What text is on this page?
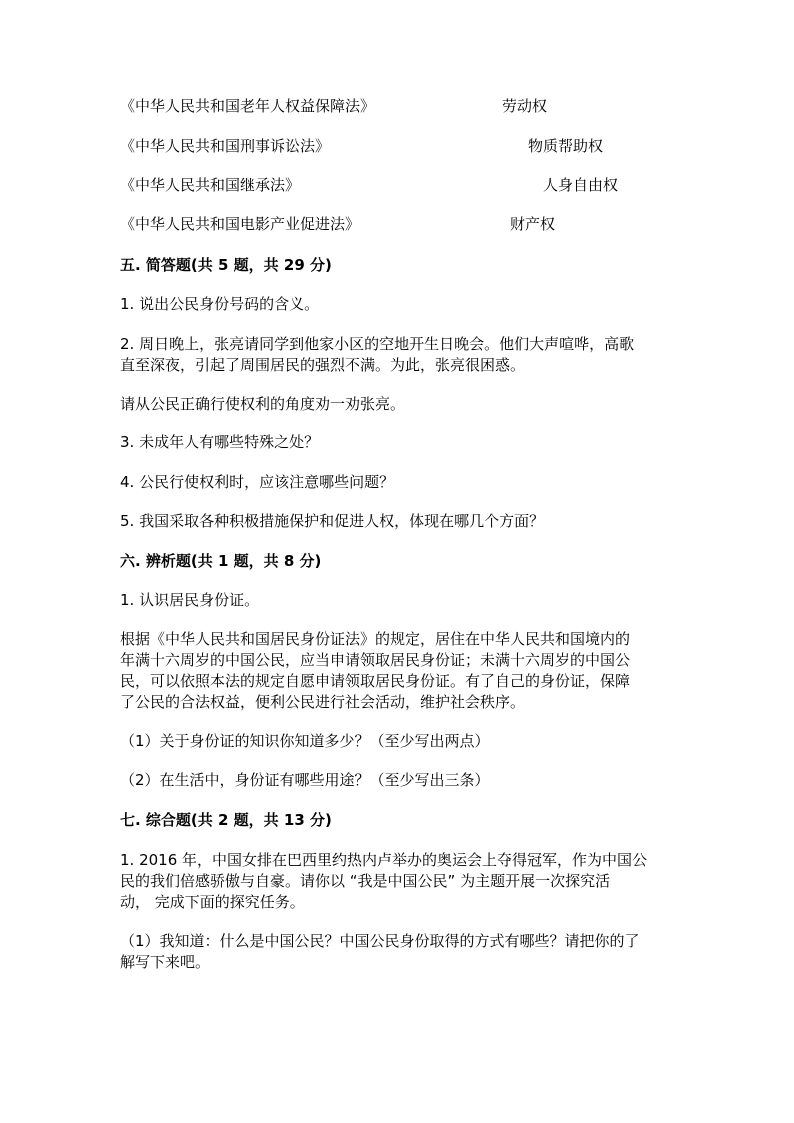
《中华人民共和国老年人权益保障法》	劳动权
《中华人民共和国刑事诉讼法》	物质帮助权
《中华人民共和国继承法》	人身自由权
《中华人民共和国电影产业促进法》	财产权
五. 简答题(共 5 题，共 29 分)
1. 说出公民身份号码的含义。
2. 周日晚上，张亮请同学到他家小区的空地开生日晚会。他们大声喧哗，高歌
直至深夜，引起了周围居民的强烈不满。为此，张亮很困惑。
请从公民正确行使权利的角度劝一劝张亮。
3. 未成年人有哪些特殊之处？
4. 公民行使权利时，应该注意哪些问题？
5. 我国采取各种积极措施保护和促进人权，体现在哪几个方面？
六. 辨析题(共 1 题，共 8 分)
1. 认识居民身份证。
根据《中华人民共和国居民身份证法》的规定，居住在中华人民共和国境内的
年满十六周岁的中国公民，应当申请领取居民身份证；未满十六周岁的中国公
民，可以依照本法的规定自愿申请领取居民身份证。有了自己的身份证，保障
了公民的合法权益，便利公民进行社会活动，维护社会秩序。
（1）关于身份证的知识你知道多少？（至少写出两点）
（2）在生活中，身份证有哪些用途？（至少写出三条）
七. 综合题(共 2 题，共 13 分)
1. 2016 年，中国女排在巴西里约热内卢举办的奥运会上夺得冠军，作为中国公
民的我们倍感骄傲与自豪。请你以 “我是中国公民” 为主题开展一次探究活
动， 完成下面的探究任务。
（1）我知道：什么是中国公民？中国公民身份取得的方式有哪些？请把你的了
解写下来吧。
